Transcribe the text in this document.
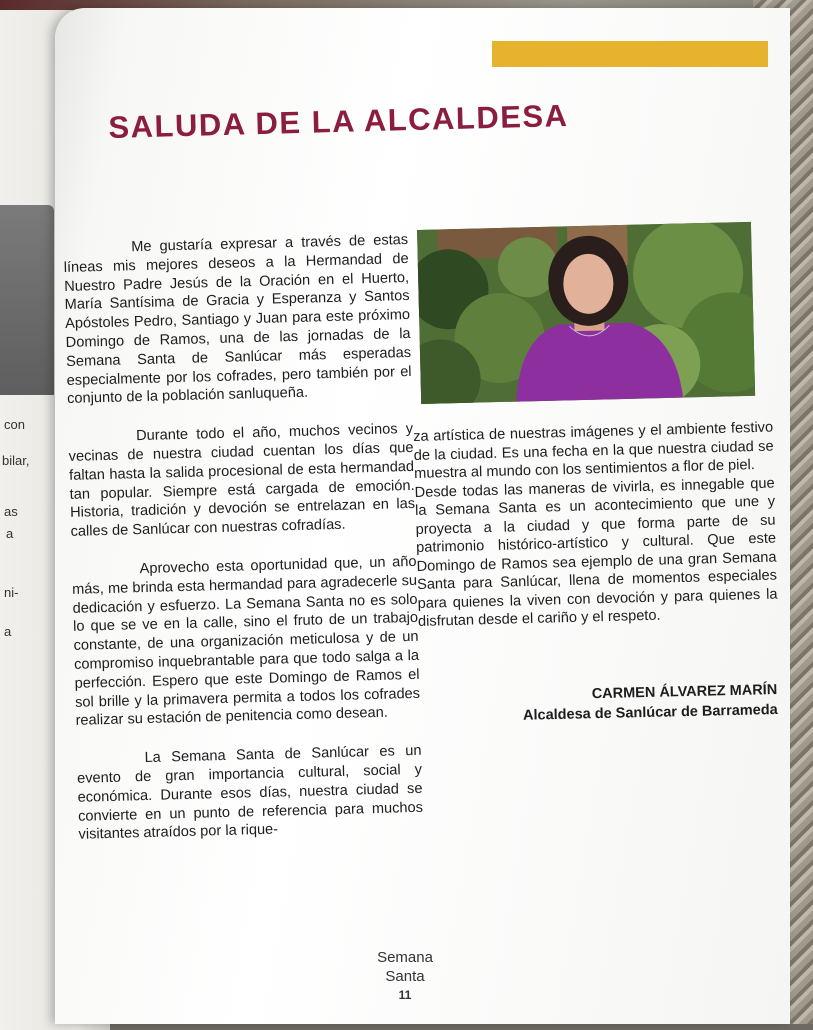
con
bilar,
as
a
ni-
a
SALUDA DE LA ALCALDESA

Me gustaría expresar a través de estas líneas mis mejores deseos a la Hermandad de Nuestro Padre Jesús de la Oración en el Huerto, María Santísima de Gracia y Esperanza y Santos Apóstoles Pedro, Santiago y Juan para este próximo Domingo de Ramos, una de las jornadas de la Semana Santa de Sanlúcar más esperadas especialmente por los cofrades, pero también por el conjunto de la población sanluqueña.

Durante todo el año, muchos vecinos y vecinas de nuestra ciudad cuentan los días que faltan hasta la salida procesional de esta hermandad tan popular. Siempre está cargada de emoción. Historia, tradición y devoción se entrelazan en las calles de Sanlúcar con nuestras cofradías.

Aprovecho esta oportunidad que, un año más, me brinda esta hermandad para agradecerle su dedicación y esfuerzo. La Semana Santa no es solo lo que se ve en la calle, sino el fruto de un trabajo constante, de una organización meticulosa y de un compromiso inquebrantable para que todo salga a la perfección. Espero que este Domingo de Ramos el sol brille y la primavera permita a todos los cofrades realizar su estación de penitencia como desean.

La Semana Santa de Sanlúcar es un evento de gran importancia cultural, social y económica. Durante esos días, nuestra ciudad se convierte en un punto de referencia para muchos visitantes atraídos por la rique-

za artística de nuestras imágenes y el ambiente festivo de la ciudad. Es una fecha en la que nuestra ciudad se muestra al mundo con los sentimientos a flor de piel.

Desde todas las maneras de vivirla, es innegable que la Semana Santa es un acontecimiento que une y proyecta a la ciudad y que forma parte de su patrimonio histórico-artístico y cultural. Que este Domingo de Ramos sea ejemplo de una gran Semana Santa para Sanlúcar, llena de momentos especiales para quienes la viven con devoción y para quienes la disfrutan desde el cariño y el respeto.

CARMEN ÁLVAREZ MARÍN
Alcaldesa de Sanlúcar de Barrameda
Semana
Santa
11
